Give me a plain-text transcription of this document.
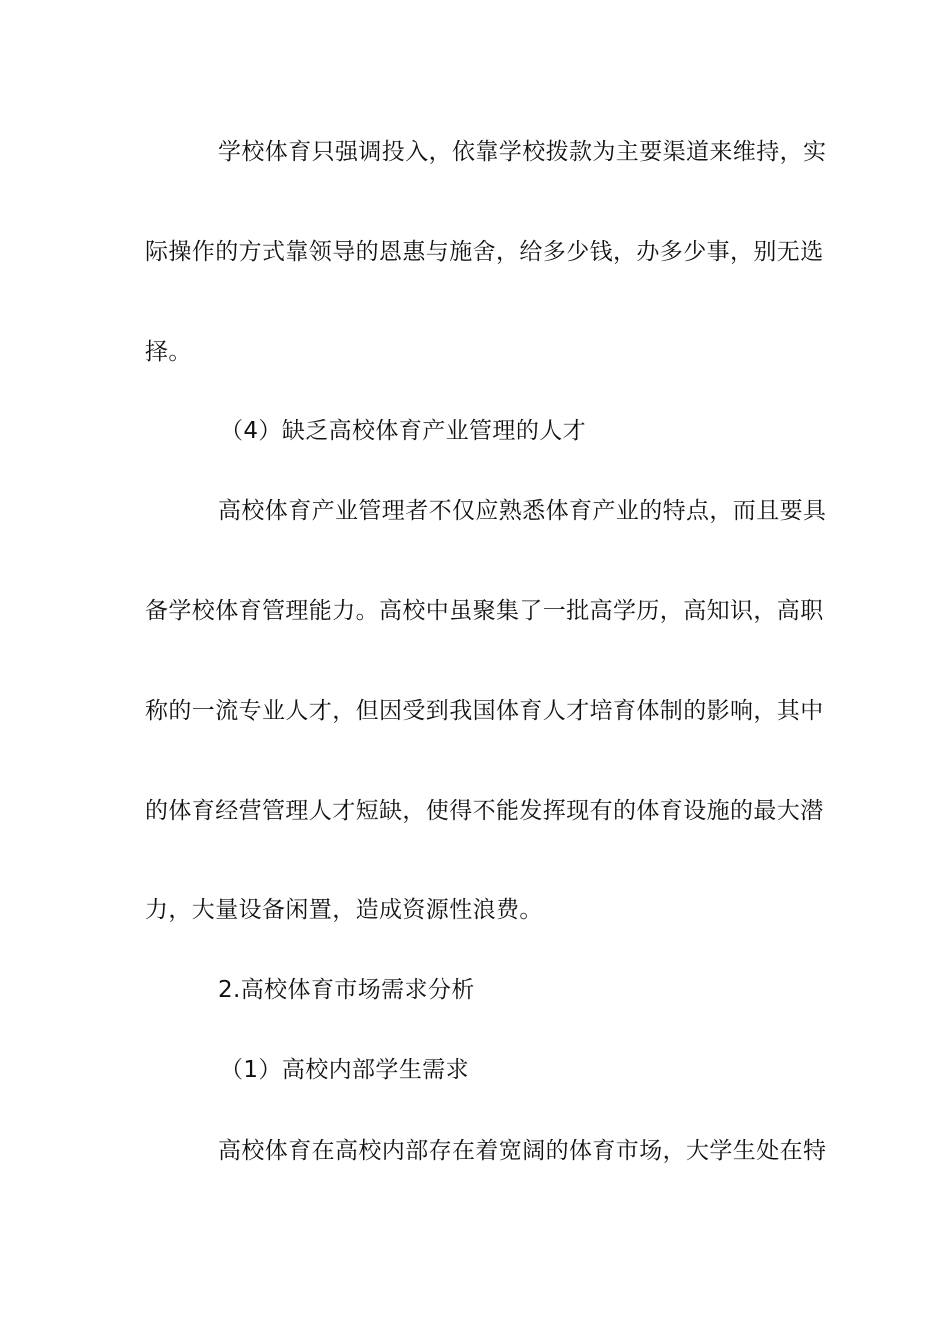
学校体育只强调投入，依靠学校拨款为主要渠道来维持，实
际操作的方式靠领导的恩惠与施舍，给多少钱，办多少事，别无选
择。
（4）缺乏高校体育产业管理的人才
高校体育产业管理者不仅应熟悉体育产业的特点，而且要具
备学校体育管理能力。高校中虽聚集了一批高学历，高知识，高职
称的一流专业人才，但因受到我国体育人才培育体制的影响，其中
的体育经营管理人才短缺，使得不能发挥现有的体育设施的最大潜
力，大量设备闲置，造成资源性浪费。
2.高校体育市场需求分析
（1）高校内部学生需求
高校体育在高校内部存在着宽阔的体育市场，大学生处在特
